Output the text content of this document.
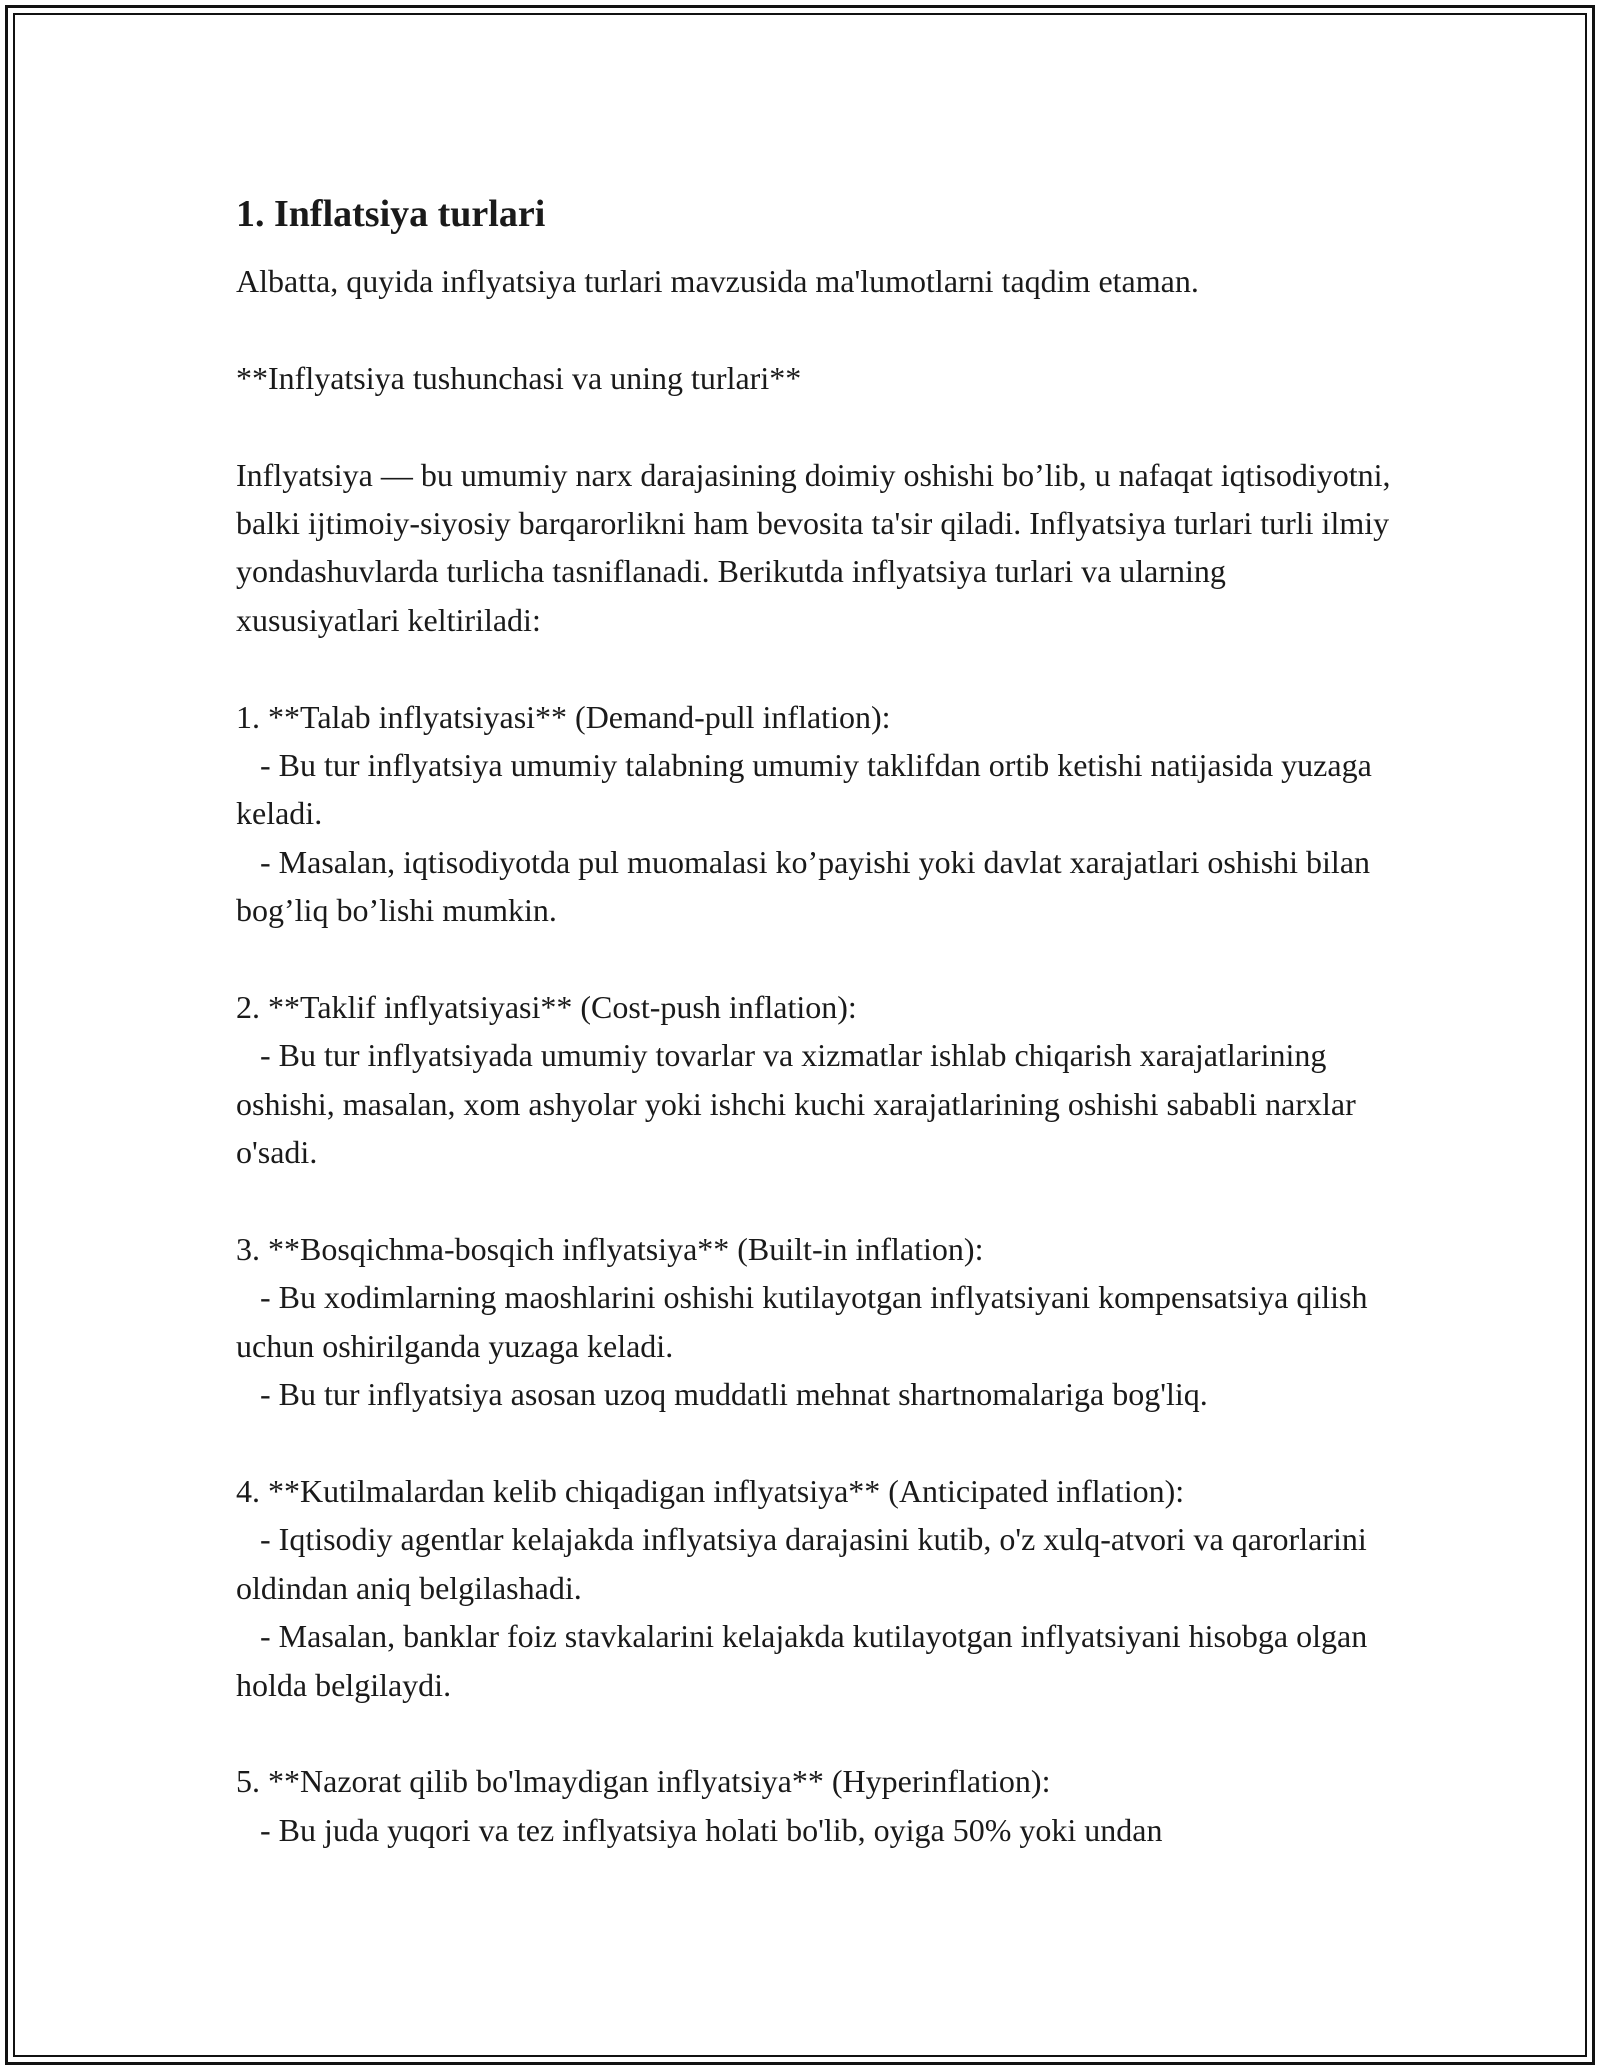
1. Inflatsiya turlari

Albatta, quyida inflyatsiya turlari mavzusida ma'lumotlarni taqdim etaman.

**Inflyatsiya tushunchasi va uning turlari**

Inflyatsiya — bu umumiy narx darajasining doimiy oshishi bo’lib, u nafaqat iqtisodiyotni, balki ijtimoiy-siyosiy barqarorlikni ham bevosita ta'sir qiladi. Inflyatsiya turlari turli ilmiy yondashuvlarda turlicha tasniflanadi. Berikutda inflyatsiya turlari va ularning xususiyatlari keltiriladi:

1. **Talab inflyatsiyasi** (Demand-pull inflation):

- Bu tur inflyatsiya umumiy talabning umumiy taklifdan ortib ketishi natijasida yuzaga keladi.

- Masalan, iqtisodiyotda pul muomalasi ko’payishi yoki davlat xarajatlari oshishi bilan bog’liq bo’lishi mumkin.

2. **Taklif inflyatsiyasi** (Cost-push inflation):

- Bu tur inflyatsiyada umumiy tovarlar va xizmatlar ishlab chiqarish xarajatlarining oshishi, masalan, xom ashyolar yoki ishchi kuchi xarajatlarining oshishi sababli narxlar o'sadi.

3. **Bosqichma-bosqich inflyatsiya** (Built-in inflation):

- Bu xodimlarning maoshlarini oshishi kutilayotgan inflyatsiyani kompensatsiya qilish uchun oshirilganda yuzaga keladi.

- Bu tur inflyatsiya asosan uzoq muddatli mehnat shartnomalariga bog'liq.

4. **Kutilmalardan kelib chiqadigan inflyatsiya** (Anticipated inflation):

- Iqtisodiy agentlar kelajakda inflyatsiya darajasini kutib, o'z xulq-atvori va qarorlarini oldindan aniq belgilashadi.

- Masalan, banklar foiz stavkalarini kelajakda kutilayotgan inflyatsiyani hisobga olgan holda belgilaydi.

5. **Nazorat qilib bo'lmaydigan inflyatsiya** (Hyperinflation):

- Bu juda yuqori va tez inflyatsiya holati bo'lib, oyiga 50% yoki undan
